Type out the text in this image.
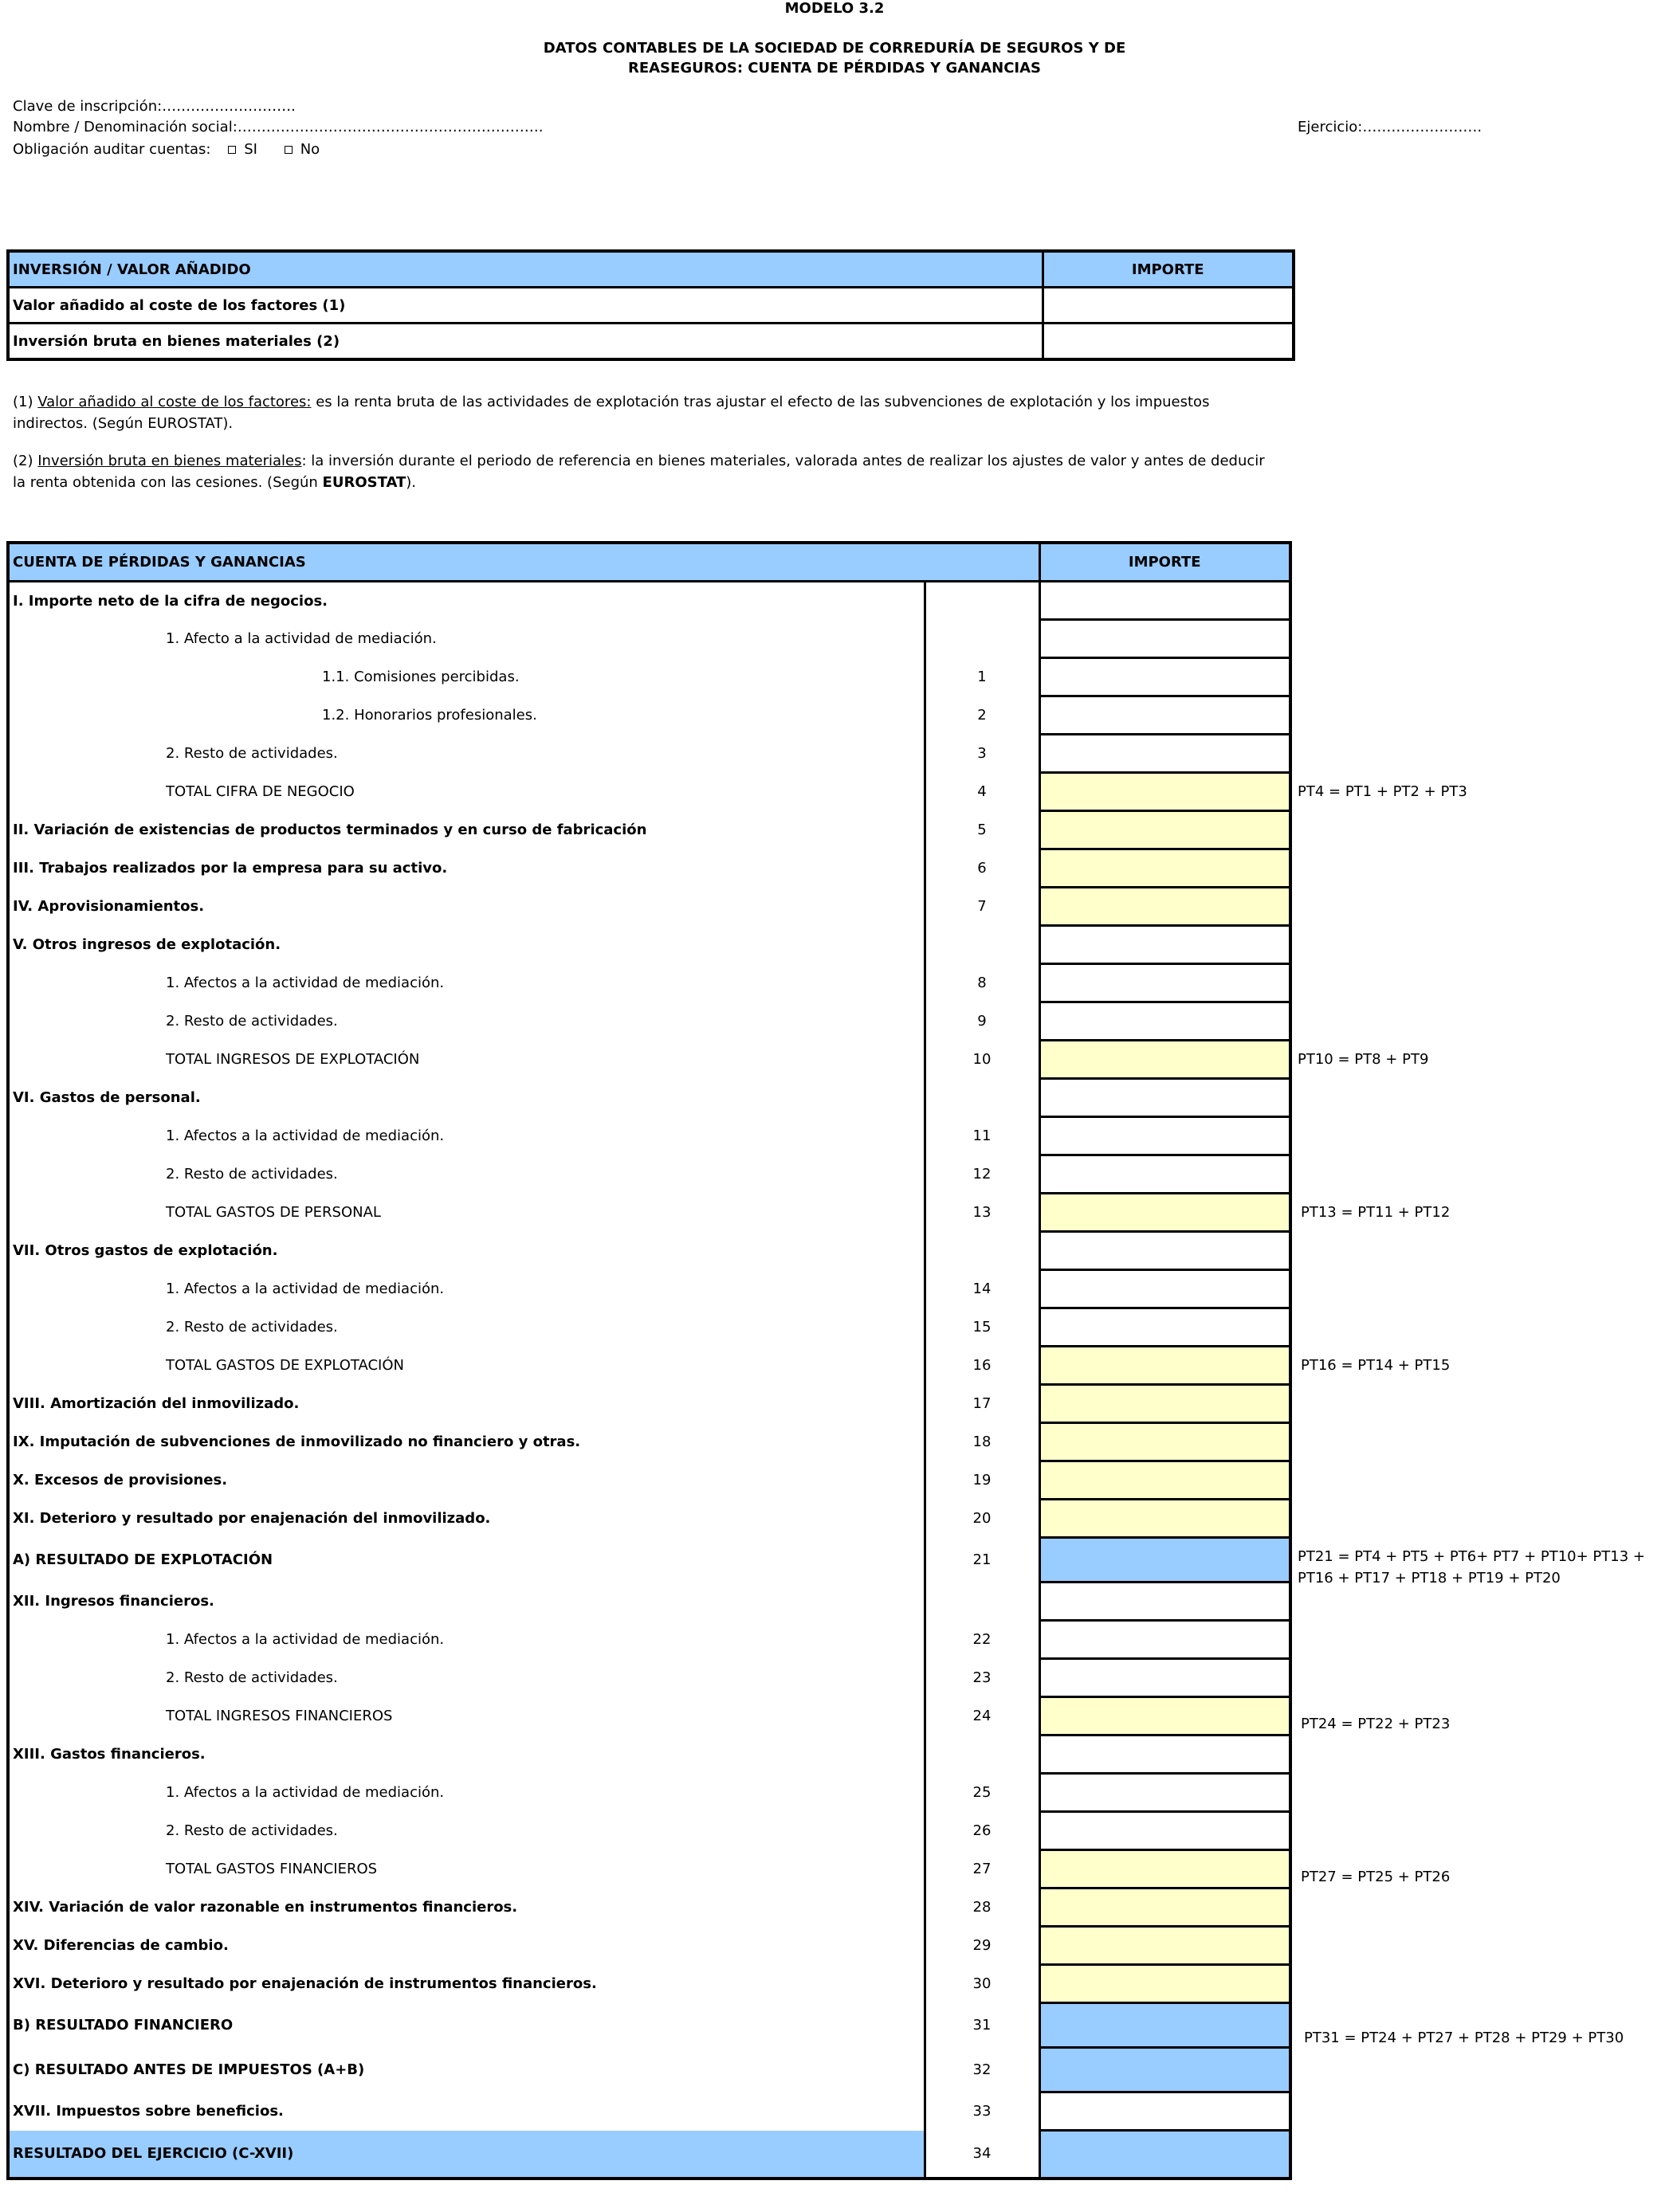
MODELO 3.2
DATOS CONTABLES DE LA SOCIEDAD DE CORREDURÍA DE SEGUROS Y DE
REASEGUROS: CUENTA DE PÉRDIDAS Y GANANCIAS
Clave de inscripción:……………………….
Nombre / Denominación social:……………………………………………………….	Ejercicio:…………………….
Obligación auditar cuentas: SI	No
INVERSIÓN / VALOR AÑADIDO	IMPORTE
Valor añadido al coste de los factores (1)	
Inversión bruta en bienes materiales (2)	
(1) Valor añadido al coste de los factores: es la renta bruta de las actividades de explotación tras ajustar el efecto de las subvenciones de explotación y los impuestos indirectos. (Según EUROSTAT).
(2) Inversión bruta en bienes materiales: la inversión durante el periodo de referencia en bienes materiales, valorada antes de realizar los ajustes de valor y antes de deducir la renta obtenida con las cesiones. (Según EUROSTAT).
CUENTA DE PÉRDIDAS Y GANANCIAS		IMPORTE
I. Importe neto de la cifra de negocios.		
1. Afecto a la actividad de mediación.		
1.1. Comisiones percibidas.	1	
1.2. Honorarios profesionales.	2	
2. Resto de actividades.	3	
TOTAL CIFRA DE NEGOCIO	4	
II. Variación de existencias de productos terminados y en curso de fabricación	5	
III. Trabajos realizados por la empresa para su activo.	6	
IV. Aprovisionamientos.	7	
V. Otros ingresos de explotación.		
1. Afectos a la actividad de mediación.	8	
2. Resto de actividades.	9	
TOTAL INGRESOS DE EXPLOTACIÓN	10	
VI. Gastos de personal.		
1. Afectos a la actividad de mediación.	11	
2. Resto de actividades.	12	
TOTAL GASTOS DE PERSONAL	13	
VII. Otros gastos de explotación.		
1. Afectos a la actividad de mediación.	14	
2. Resto de actividades.	15	
TOTAL GASTOS DE EXPLOTACIÓN	16	
VIII. Amortización del inmovilizado.	17	
IX. Imputación de subvenciones de inmovilizado no financiero y otras.	18	
X. Excesos de provisiones.	19	
XI. Deterioro y resultado por enajenación del inmovilizado.	20	
A) RESULTADO DE EXPLOTACIÓN	21	
XII. Ingresos financieros.		
1. Afectos a la actividad de mediación.	22	
2. Resto de actividades.	23	
TOTAL INGRESOS FINANCIEROS	24	
XIII. Gastos financieros.		
1. Afectos a la actividad de mediación.	25	
2. Resto de actividades.	26	
TOTAL GASTOS FINANCIEROS	27	
XIV. Variación de valor razonable en instrumentos financieros.	28	
XV. Diferencias de cambio.	29	
XVI. Deterioro y resultado por enajenación de instrumentos financieros.	30	
B) RESULTADO FINANCIERO	31	
C) RESULTADO ANTES DE IMPUESTOS (A+B)	32	
XVII. Impuestos sobre beneficios.	33	
RESULTADO DEL EJERCICIO (C-XVII)	34	
PT4 = PT1 + PT2 + PT3
PT10 = PT8 + PT9
PT13 = PT11 + PT12
PT16 = PT14 + PT15
PT21 = PT4 + PT5 + PT6+ PT7 + PT10+ PT13 +
PT16 + PT17 + PT18 + PT19 + PT20
PT24 = PT22 + PT23
PT27 = PT25 + PT26
PT31 = PT24 + PT27 + PT28 + PT29 + PT30
